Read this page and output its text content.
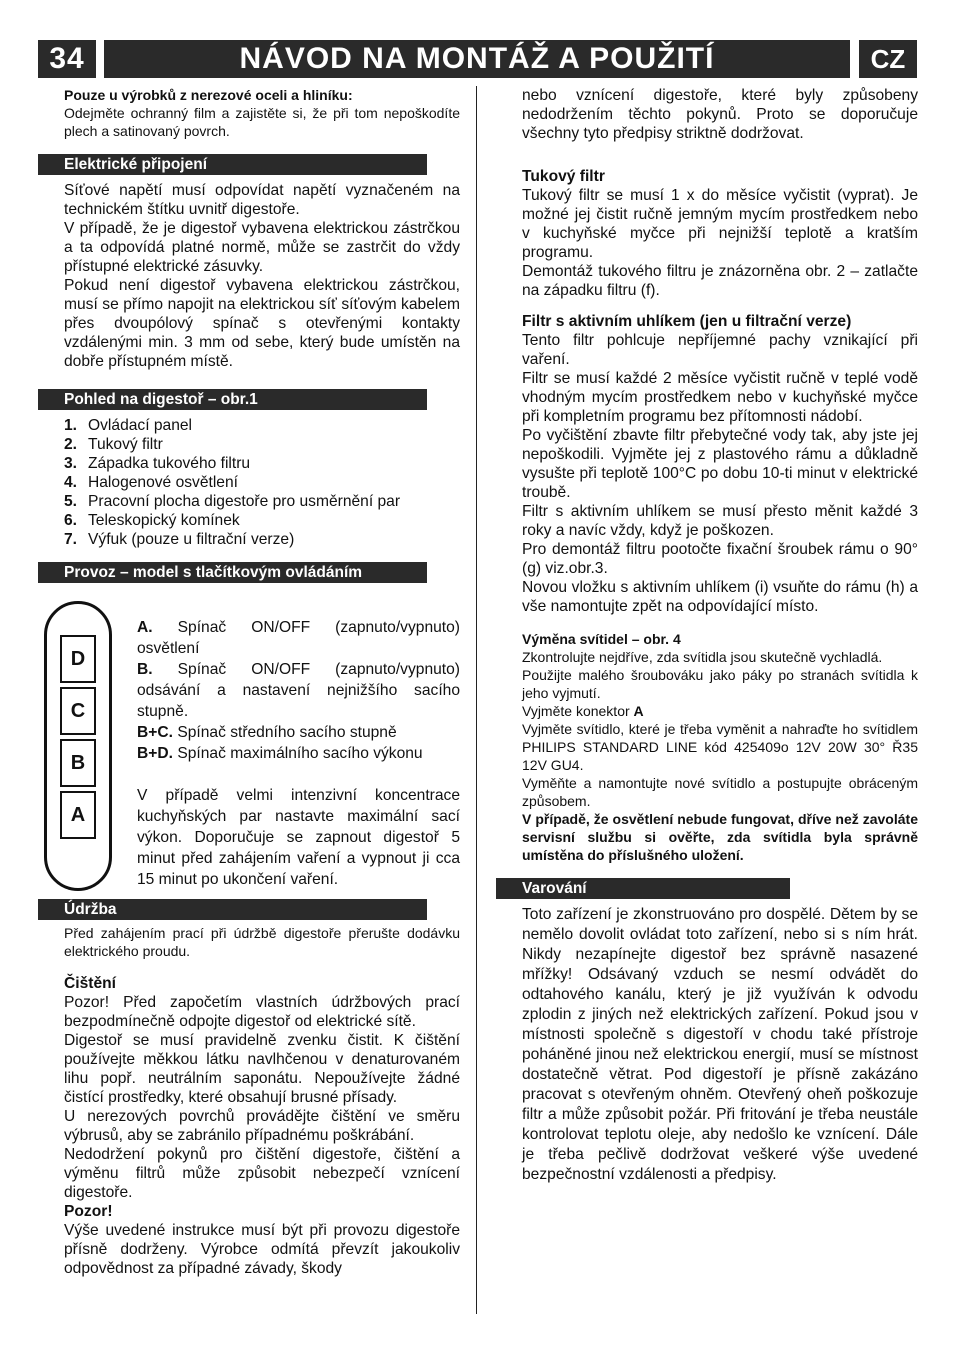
34	NÁVOD NA MONTÁŽ A POUŽITÍ	CZ
Pouze u výrobků z nerezové oceli a hliníku:

Odejměte ochranný film a zajistěte si, že při tom nepoškodíte plech a satinovaný povrch.

Elektrické připojení

Síťové napětí musí odpovídat napětí vyznačeném na technickém štítku uvnitř digestoře.

V případě, že je digestoř vybavena elektrickou zástrčkou a ta odpovídá platné normě, může se zastrčit do vždy přístupné elektrické zásuvky.

Pokud není digestoř vybavena elektrickou zástrčkou, musí se přímo napojit na elektrickou síť síťovým kabelem přes dvoupólový spínač s otevřenými kontakty vzdálenými min. 3 mm od sebe, který bude umístěn na dobře přístupném místě.

Pohled na digestoř – obr.1
1. Ovládací panel
2. Tukový filtr
3. Západka tukového filtru
4. Halogenové osvětlení
5. Pracovní plocha digestoře pro usměrnění par
6. Teleskopický komínek
7. Výfuk (pouze u filtrační verze)
Provoz – model s tlačítkovým ovládáním
D
C
B
A

A. Spínač ON/OFF (zapnuto/vypnuto) osvětlení

B. Spínač ON/OFF (zapnuto/vypnuto) odsávání a nastavení nejnižšího sacího stupně.

B+C. Spínač středního sacího stupně

B+D. Spínač maximálního sacího výkonu

V případě velmi intenzivní koncentrace kuchyňských par nastavte maximální sací výkon. Doporučuje se zapnout digestoř 5 minut před zahájením vaření a vypnout ji cca 15 minut po ukončení vaření.

Údržba

Před zahájením prací při údržbě digestoře přerušte dodávku elektrického proudu.

Čištění

Pozor! Před započetím vlastních údržbových prací bezpodmínečně odpojte digestoř od elektrické sítě.

Digestoř se musí pravidelně zvenku čistit. K čištění používejte měkkou látku navlhčenou v denaturovaném lihu popř. neutrálním saponátu. Nepoužívejte žádné čistící prostředky, které obsahují brusné přísady.

U nerezových povrchů provádějte čištění ve směru výbrusů, aby se zabránilo případnému poškrábání.

Nedodržení pokynů pro čištění digestoře, čištění a výměnu filtrů může způsobit nebezpečí vznícení digestoře.

Pozor!

Výše uvedené instrukce musí být při provozu digestoře přísně dodrženy. Výrobce odmítá převzít jakoukoliv odpovědnost za případné závady, škody

nebo vznícení digestoře, které byly způsobeny nedodržením těchto pokynů. Proto se doporučuje všechny tyto předpisy striktně dodržovat.

Tukový filtr

Tukový filtr se musí 1 x do měsíce vyčistit (vyprat). Je možné jej čistit ručně jemným mycím prostředkem nebo v kuchyňské myčce při nejnižší teplotě a kratším programu.

Demontáž tukového filtru je znázorněna obr. 2 – zatlačte na západku filtru (f).

Filtr s aktivním uhlíkem (jen u filtrační verze)

Tento filtr pohlcuje nepříjemné pachy vznikající při vaření.

Filtr se musí každé 2 měsíce vyčistit ručně v teplé vodě vhodným mycím prostředkem nebo v kuchyňské myčce při kompletním programu bez přítomnosti nádobí.

Po vyčištění zbavte filtr přebytečné vody tak, aby jste jej nepoškodili. Vyjměte jej z plastového rámu a důkladně vysušte při teplotě 100°C po dobu 10-ti minut v elektrické troubě.

Filtr s aktivním uhlíkem se musí přesto měnit každé 3 roky a navíc vždy, když je poškozen.

Pro demontáž filtru pootočte fixační šroubek rámu o 90° (g) viz.obr.3.

Novou vložku s aktivním uhlíkem (i) vsuňte do rámu (h) a vše namontujte zpět na odpovídající místo.

Výměna svítidel – obr. 4

Zkontrolujte nejdříve, zda svítidla jsou skutečně vychladlá.

Použijte malého šroubováku jako páky po stranách svítidla k jeho vyjmutí.

Vyjměte konektor A

Vyjměte svítidlo, které je třeba vyměnit a nahraďte ho svítidlem PHILIPS STANDARD LINE kód 425409o 12V 20W 30° Ř35 12V GU4.

Vyměňte a namontujte nové svítidlo a postupujte obráceným způsobem.

V případě, že osvětlení nebude fungovat, dříve než zavoláte servisní službu si ověřte, zda svítidla byla správně umístěna do příslušného uložení.

Varování

Toto zařízení je zkonstruováno pro dospělé. Dětem by se nemělo dovolit ovládat toto zařízení, nebo si s ním hrát. Nikdy nezapínejte digestoř bez správně nasazené mřížky! Odsávaný vzduch se nesmí odvádět do odtahového kanálu, který je již využíván k odvodu zplodin z jiných než elektrických zařízení. Pokud jsou v místnosti společně s digestoří v chodu také přístroje poháněné jinou než elektrickou energií, musí se místnost dostatečně větrat. Pod digestoří je přísně zakázáno pracovat s otevřeným ohněm. Otevřený oheň poškozuje filtr a může způsobit požár. Při fritování je třeba neustále kontrolovat teplotu oleje, aby nedošlo ke vznícení. Dále je třeba pečlivě dodržovat veškeré výše uvedené bezpečnostní vzdálenosti a předpisy.
